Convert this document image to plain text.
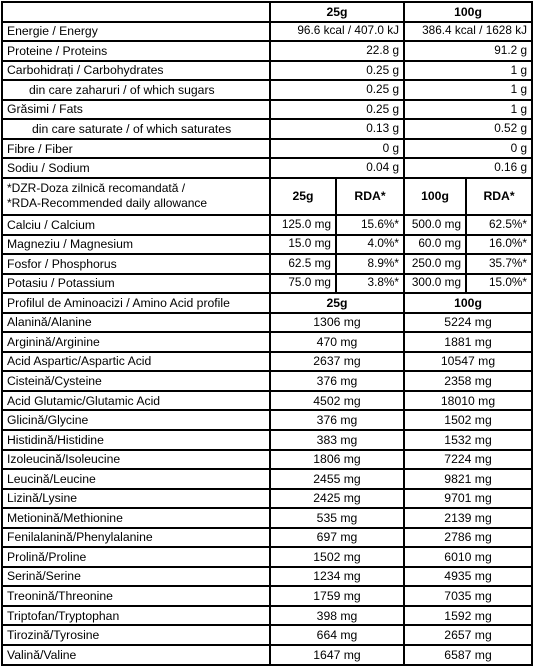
	25g		100g	
Energie / Energy	96.6 kcal / 407.0 kJ		386.4 kcal / 1628 kJ	
Proteine / Proteins	22.8 g		91.2 g	
Carbohidrați / Carbohydrates	0.25 g		1 g	
din care zaharuri / of which sugars	0.25 g		1 g	
Grăsimi / Fats	0.25 g		1 g	
din care saturate / of which saturates	0.13 g		0.52 g	
Fibre / Fiber	0 g		0 g	
Sodiu / Sodium	0.04 g		0.16 g	

*DZR-Doza zilnică recomandată /
*RDA-Recommended daily allowance	25g	RDA*	100g	RDA*
Calciu / Calcium	125.0 mg	15.6%*	500.0 mg	62.5%*
Magneziu / Magnesium	15.0 mg	4.0%*	60.0 mg	16.0%*
Fosfor / Phosphorus	62.5 mg	8.9%*	250.0 mg	35.7%*
Potasiu / Potassium	75.0 mg	3.8%*	300.0 mg	15.0%*
Profilul de Aminoacizi / Amino Acid profile	25g		100g	
Alanină/Alanine	1306 mg		5224 mg	
Arginină/Arginine	470 mg		1881 mg	
Acid Aspartic/Aspartic Acid	2637 mg		10547 mg	
Cisteină/Cysteine	376 mg		2358 mg	
Acid Glutamic/Glutamic Acid	4502 mg		18010 mg	
Glicină/Glycine	376 mg		1502 mg	
Histidină/Histidine	383 mg		1532 mg	
Izoleucină/Isoleucine	1806 mg		7224 mg	
Leucină/Leucine	2455 mg		9821 mg	
Lizină/Lysine	2425 mg		9701 mg	
Metionină/Methionine	535 mg		2139 mg	
Fenilalanină/Phenylalanine	697 mg		2786 mg	
Prolină/Proline	1502 mg		6010 mg	
Serină/Serine	1234 mg		4935 mg	
Treonină/Threonine	1759 mg		7035 mg	
Triptofan/Tryptophan	398 mg		1592 mg	
Tirozină/Tyrosine	664 mg		2657 mg	
Valină/Valine	1647 mg		6587 mg	
